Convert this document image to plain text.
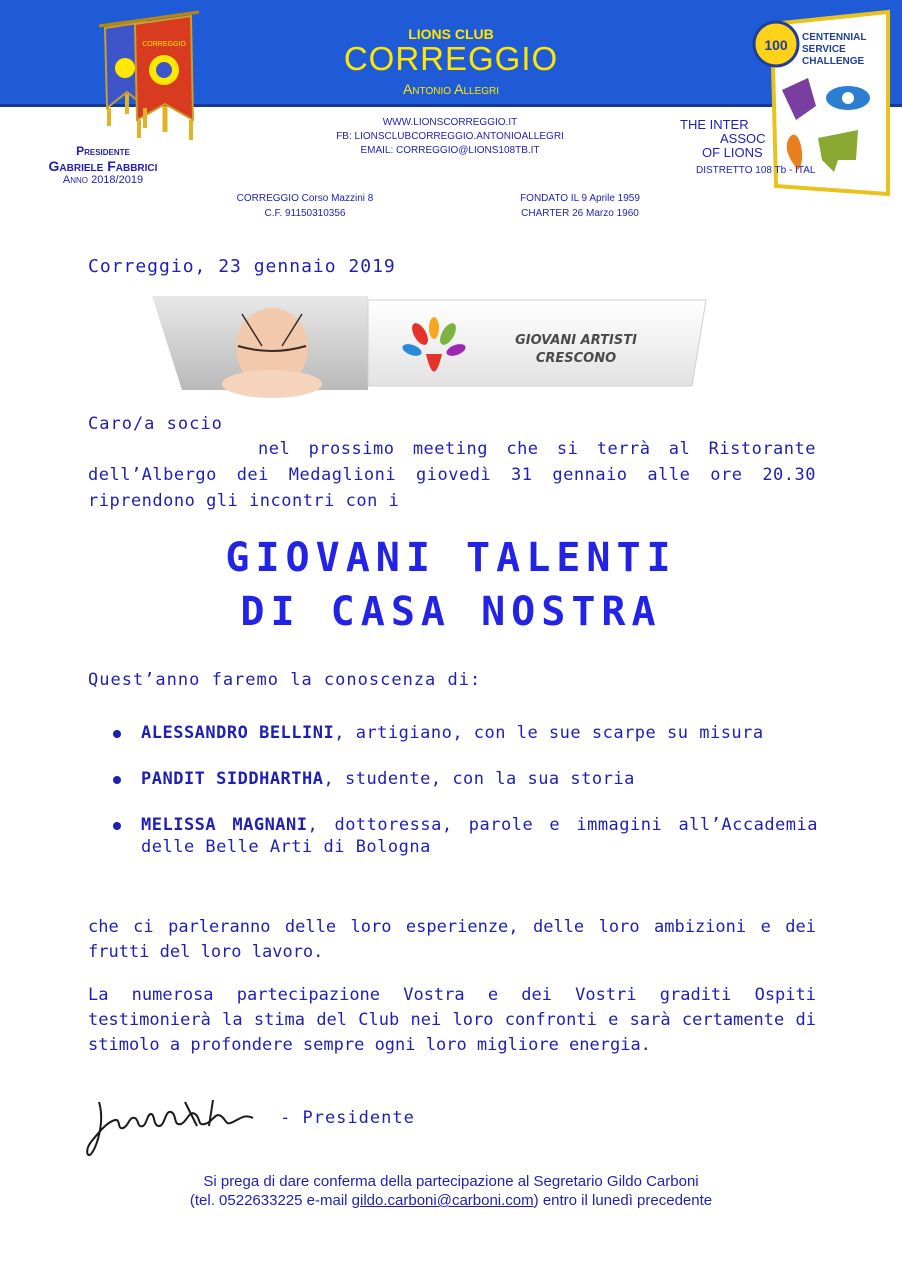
LIONS CLUB
CORREGGIO
Antonio Allegri
CORREGGIO	100 CENTENNIAL
SERVICE
CHALLENGE
Presidente
Gabriele Fabbrici
Anno 2018/2019
WWW.LIONSCORREGGIO.IT
FB: LIONSCLUBCORREGGIO.ANTONIOALLEGRI
EMAIL: CORREGGIO@LIONS108TB.IT
THE INTER
ASSOC
OF LIONS
DISTRETTO 108 Tb - ITAL
CORREGGIO Corso Mazzini 8
C.F. 91150310356
FONDATO IL 9 Aprile 1959
CHARTER 26 Marzo 1960
Correggio, 23 gennaio 2019
GIOVANI ARTISTI
CRESCONO
Caro/a socio
nel prossimo meeting che si terrà al Ristorante dell’Albergo dei Medaglioni giovedì 31 gennaio alle ore 20.30 riprendono gli incontri con i
GIOVANI TALENTI
DI CASA NOSTRA
Quest’anno faremo la conoscenza di:
ALESSANDRO BELLINI, artigiano, con le sue scarpe su misura
PANDIT SIDDHARTHA, studente, con la sua storia
MELISSA MAGNANI, dottoressa, parole e immagini all’Accademia delle Belle Arti di Bologna
che ci parleranno delle loro esperienze, delle loro ambizioni e dei frutti del loro lavoro.
La numerosa partecipazione Vostra e dei Vostri graditi Ospiti testimonierà la stima del Club nei loro confronti e sarà certamente di stimolo a profondere sempre ogni loro migliore energia.
- Presidente
Si prega di dare conferma della partecipazione al Segretario Gildo Carboni
(tel. 0522633225 e-mail gildo.carboni@carboni.com) entro il lunedì precedente
